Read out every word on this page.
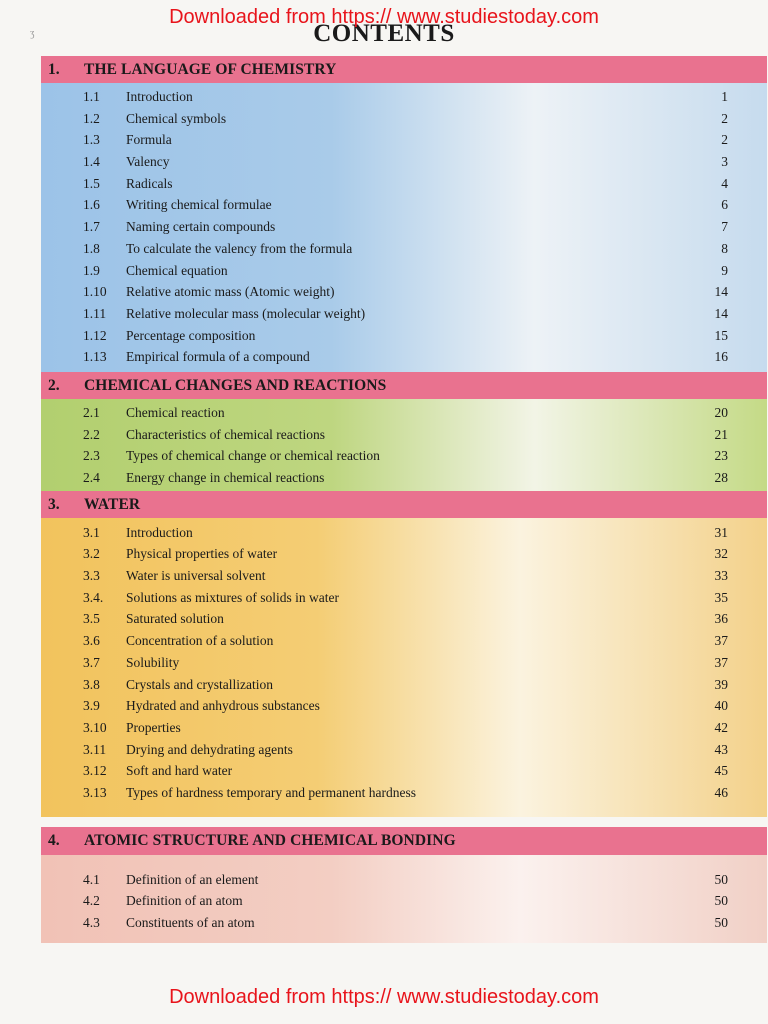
Downloaded from https:// www.studiestoday.com
CONTENTS
ʒ
1. THE LANGUAGE OF CHEMISTRY
1.1 Introduction	1
1.2 Chemical symbols	2
1.3 Formula	2
1.4 Valency	3
1.5 Radicals	4
1.6 Writing chemical formulae	6
1.7 Naming certain compounds	7
1.8 To calculate the valency from the formula	8
1.9 Chemical equation	9
1.10 Relative atomic mass (Atomic weight)	14
1.11 Relative molecular mass (molecular weight)	14
1.12 Percentage composition	15
1.13 Empirical formula of a compound	16
2. CHEMICAL CHANGES AND REACTIONS
2.1 Chemical reaction	20
2.2 Characteristics of chemical reactions	21
2.3 Types of chemical change or chemical reaction	23
2.4 Energy change in chemical reactions	28
3. WATER
3.1 Introduction	31
3.2 Physical properties of water	32
3.3 Water is universal solvent	33
3.4. Solutions as mixtures of solids in water	35
3.5 Saturated solution	36
3.6 Concentration of a solution	37
3.7 Solubility	37
3.8 Crystals and crystallization	39
3.9 Hydrated and anhydrous substances	40
3.10 Properties	42
3.11 Drying and dehydrating agents	43
3.12 Soft and hard water	45
3.13 Types of hardness temporary and permanent hardness	46
4. ATOMIC STRUCTURE AND CHEMICAL BONDING
4.1 Definition of an element	50
4.2 Definition of an atom	50
4.3 Constituents of an atom	50
Downloaded from https:// www.studiestoday.com
